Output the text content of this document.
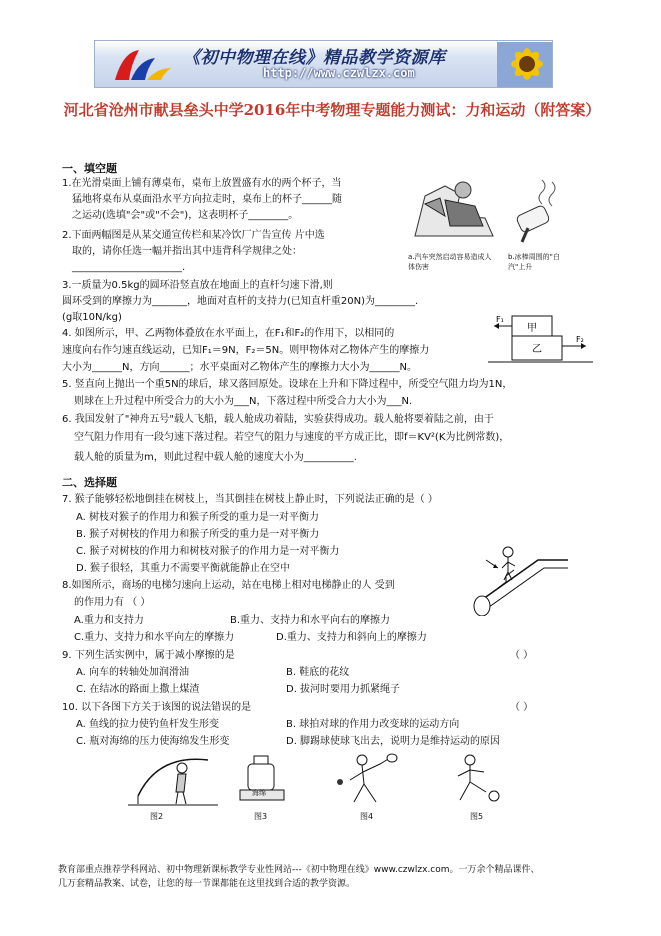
《初中物理在线》精品教学资源库
http://www.czwlzx.com
河北省沧州市献县垒头中学2016年中考物理专题能力测试：力和运动（附答案）
一、填空题
1.在光滑桌面上铺有薄桌布，桌布上放置盛有水的两个杯子，当
猛地将桌布从桌面沿水平方向拉走时，桌布上的杯子______随
之运动(选填"会"或"不会")，这表明杯子________。
2.下面两幅图是从某交通宣传栏和某冷饮厂广告宣传 片中选
取的，请你任选一幅并指出其中违背科学规律之处：
______________________.
3.一质量为0.5kg的圆环沿竖直放在地面上的直杆匀速下滑,则
圆环受到的摩擦力为_______，地面对直杆的支持力(已知直杆重20N)为________.
(g取10N/kg)
4. 如图所示，甲、乙两物体叠放在水平面上，在F₁和F₂的作用下，以相同的
速度向右作匀速直线运动，已知F₁＝9N，F₂＝5N。则甲物体对乙物体产生的摩擦力
大小为______N，方向______；水平桌面对乙物体产生的摩擦力大小为______N。
5. 竖直向上抛出一个重5N的球后，球又落回原处。设球在上升和下降过程中，所受空气阻力均为1N，
则球在上升过程中所受合力的大小为___N，下落过程中所受合力大小为___N.
6. 我国发射了"神舟五号"载人飞船，载人舱成功着陆，实验获得成功。载人舱将要着陆之前，由于
空气阻力作用有一段匀速下落过程。若空气的阻力与速度的平方成正比，即f＝KV²(K为比例常数)，
载人舱的质量为m，则此过程中载人舱的速度大小为__________.
a.汽车突然启动容易造成人体伤害
b.冰棒周围的"白汽"上升
甲
乙
F₁
F₂
二、选择题
7. 猴子能够轻松地倒挂在树枝上，当其倒挂在树枝上静止时，下列说法正确的是（ ）
A. 树枝对猴子的作用力和猴子所受的重力是一对平衡力
B. 猴子对树枝的作用力和猴子所受的重力是一对平衡力
C. 猴子对树枝的作用力和树枝对猴子的作用力是一对平衡力
D. 猴子很轻，其重力不需要平衡就能静止在空中
8.如图所示，商场的电梯匀速向上运动，站在电梯上相对电梯静止的人 受到
的作用力有 （ ）
A.重力和支持力	B.重力、支持力和水平向右的摩擦力
C.重力、支持力和水平向左的摩擦力	D.重力、支持力和斜向上的摩擦力
9. 下列生活实例中，属于减小摩擦的是	（ ）
A. 向车的转轴处加润滑油	B. 鞋底的花纹
C. 在结冰的路面上撒上煤渣	D. 拔河时要用力抓紧绳子
10. 以下各图下方关于该图的说法错误的是	（ ）
A. 鱼线的拉力使钓鱼杆发生形变	B. 球拍对球的作用力改变球的运动方向
C. 瓶对海绵的压力使海绵发生形变	D. 脚踢球使球飞出去，说明力是维持运动的原因
海绵
图2	图3	图4	图5
教育部重点推荐学科网站、初中物理新课标教学专业性网站---《初中物理在线》www.czwlzx.com。一万余个精品课件、
几万套精品教案、试卷，让您的每一节课都能在这里找到合适的教学资源。
